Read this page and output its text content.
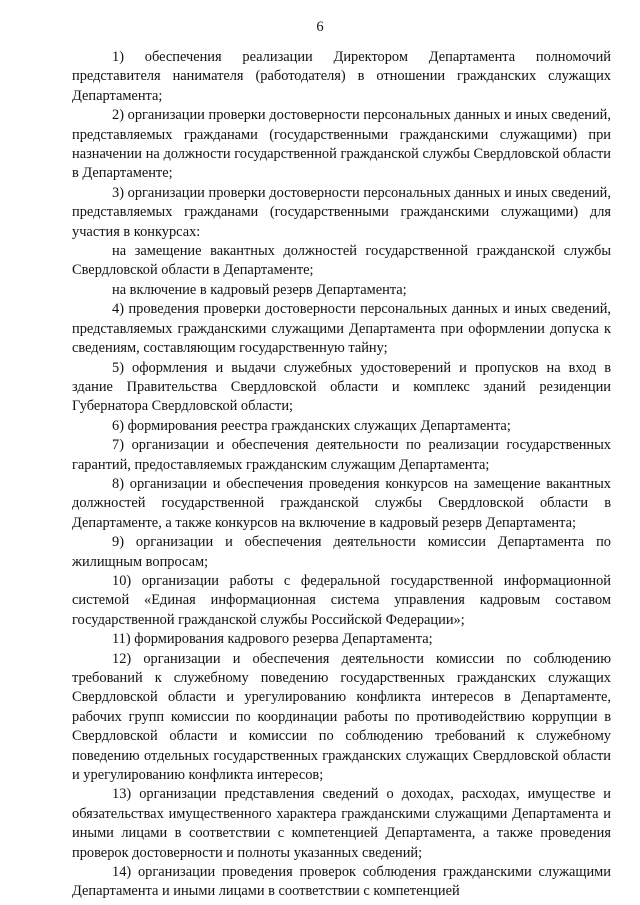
6

1) обеспечения реализации Директором Департамента полномочий представителя нанимателя (работодателя) в отношении гражданских служащих Департамента;

2) организации проверки достоверности персональных данных и иных сведений, представляемых гражданами (государственными гражданскими служащими) при назначении на должности государственной гражданской службы Свердловской области в Департаменте;

3) организации проверки достоверности персональных данных и иных сведений, представляемых гражданами (государственными гражданскими служащими) для участия в конкурсах:

на замещение вакантных должностей государственной гражданской службы Свердловской области в Департаменте;

на включение в кадровый резерв Департамента;

4) проведения проверки достоверности персональных данных и иных сведений, представляемых гражданскими служащими Департамента при оформлении допуска к сведениям, составляющим государственную тайну;

5) оформления и выдачи служебных удостоверений и пропусков на вход в здание Правительства Свердловской области и комплекс зданий резиденции Губернатора Свердловской области;

6) формирования реестра гражданских служащих Департамента;

7) организации и обеспечения деятельности по реализации государственных гарантий, предоставляемых гражданским служащим Департамента;

8) организации и обеспечения проведения конкурсов на замещение вакантных должностей государственной гражданской службы Свердловской области в Департаменте, а также конкурсов на включение в кадровый резерв Департамента;

9) организации и обеспечения деятельности комиссии Департамента по жилищным вопросам;

10) организации работы с федеральной государственной информационной системой «Единая информационная система управления кадровым составом государственной гражданской службы Российской Федерации»;

11) формирования кадрового резерва Департамента;

12) организации и обеспечения деятельности комиссии по соблюдению требований к служебному поведению государственных гражданских служащих Свердловской области и урегулированию конфликта интересов в Департаменте, рабочих групп комиссии по координации работы по противодействию коррупции в Свердловской области и комиссии по соблюдению требований к служебному поведению отдельных государственных гражданских служащих Свердловской области и урегулированию конфликта интересов;

13) организации представления сведений о доходах, расходах, имуществе и обязательствах имущественного характера гражданскими служащими Департамента и иными лицами в соответствии с компетенцией Департамента, а также проведения проверок достоверности и полноты указанных сведений;

14) организации проведения проверок соблюдения гражданскими служащими Департамента и иными лицами в соответствии с компетенцией
